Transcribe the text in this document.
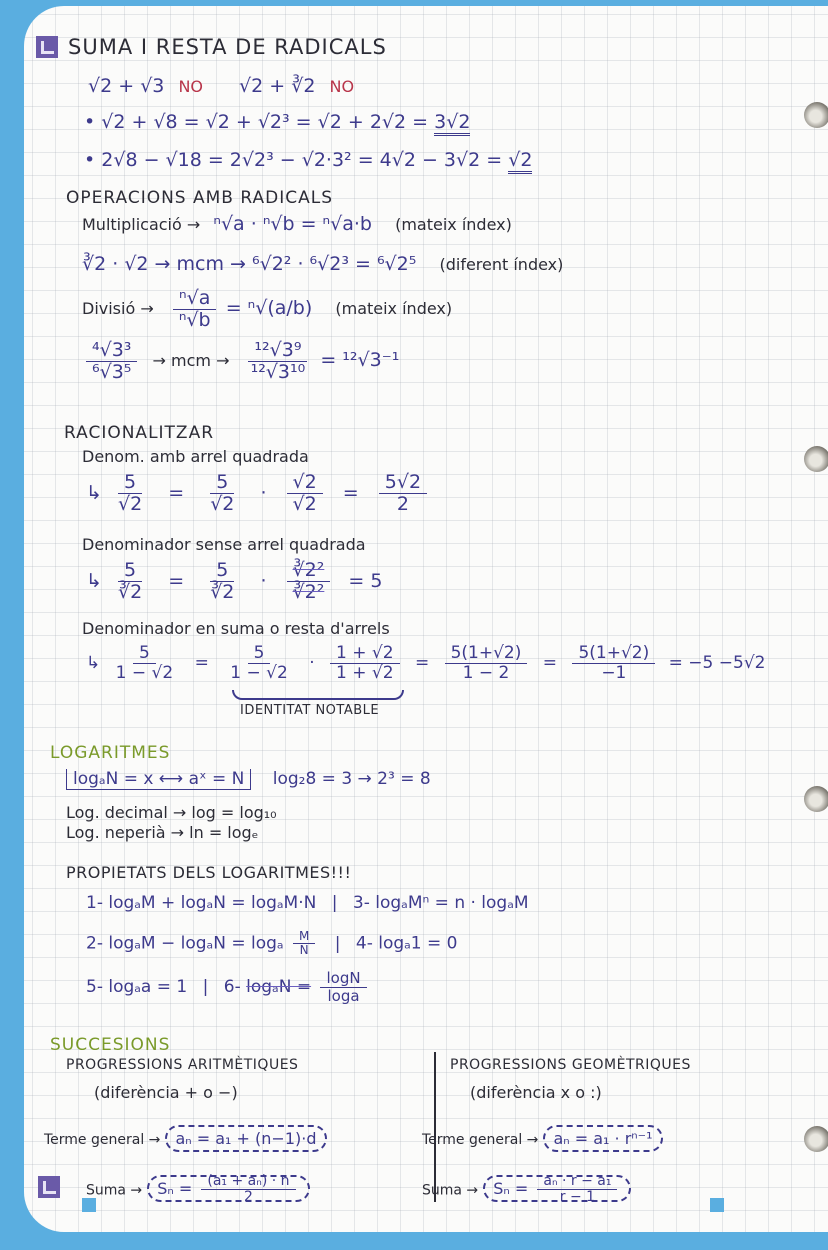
SUMA I RESTA DE RADICALS
√2 + √3 NO √2 + ∛2 NO
• √2 + √8 = √2 + √2³ = √2 + 2√2 = 3√2
• 2√8 − √18 = 2√2³ − √2·3² = 4√2 − 3√2 = √2
OPERACIONS AMB RADICALS
Multiplicació → ⁿ√a · ⁿ√b = ⁿ√a·b (mateix índex)
∛2 · √2 → mcm → ⁶√2² · ⁶√2³ = ⁶√2⁵ (diferent índex)
Divisió → $\frac{\text{ⁿ√a}}{\text{ⁿ√b}} = ^n√(a/b)$ (mateix índex)
$\frac{\text{⁴√3³}}{\text{⁶√3⁵}}$ → mcm → $\frac{\text{¹²√3⁹}}{\text{¹²√3¹⁰}} = ^{12}√3^{-1}$
RACIONALITZAR
Denom. amb arrel quadrada
↳ $\frac{5}{√2} = \frac{5}{√2} \cdot \frac{√2}{√2} = \frac{5√2}{2}$
Denominador sense arrel quadrada
↳ $\frac{5}{∛2} = \frac{5}{∛2} \cdot \frac{\text{∛2²}}{\text{∛2²}} = 5$
Denominador en suma o resta d'arrels
↳ $\frac{5}{1 - √2} = \frac{5}{1 - √2} \cdot \frac{1 + √2}{1 + √2} = \frac{5(1+√2)}{1 - 2} = \frac{5(1+√2)}{-1} = -5 -5√2$
IDENTITAT NOTABLE
LOGARITMES
logₐN = x ⟷ aˣ = N log₂8 = 3 → 2³ = 8
Log. decimal → log = log₁₀
Log. neperià → ln = logₑ
PROPIETATS DELS LOGARITMES!!!
1- logₐM + logₐN = logₐM·N | 3- logₐMⁿ = n · logₐM
2- logₐM − logₐN = logₐ $\frac{M}{N}$ | 4- logₐ1 = 0
5- logₐa = 1 | 6- $\log_aN = \frac{\log N}{\log a}$
SUCCESIONS
PROGRESSIONS ARITMÈTIQUES
(diferència + o −)
Terme general → aₙ = a₁ + (n−1)·d
Suma → $S_n = \frac{\text{(a₁ + aₙ) · n}}{2}$
PROGRESSIONS GEOMÈTRIQUES
(diferència x o :)
Terme general → aₙ = a₁ · rⁿ⁻¹
Suma → $S_n = \frac{\text{aₙ · r − a₁}}{r - 1}$
